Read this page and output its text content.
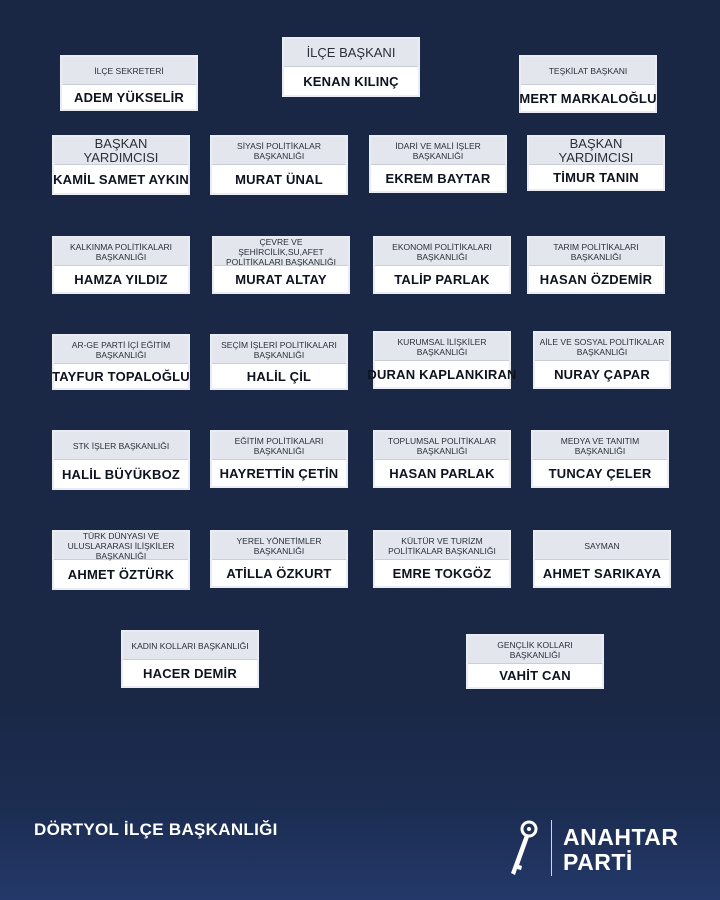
İLÇE BAŞKANI
KENAN KILINÇ
İLÇE SEKRETERİ
ADEM YÜKSELİR
TEŞKİLAT BAŞKANI
MERT MARKALOĞLU
BAŞKAN YARDIMCISI
KAMİL SAMET AYKIN
SİYASİ POLİTİKALAR BAŞKANLIĞI
MURAT ÜNAL
İDARİ VE MALİ İŞLER BAŞKANLIĞI
EKREM BAYTAR
BAŞKAN YARDIMCISI
TİMUR TANIN
KALKINMA POLİTİKALARI BAŞKANLIĞI
HAMZA YILDIZ
ÇEVRE VE ŞEHİRCİLİK,SU,AFET POLİTİKALARI BAŞKANLIĞI
MURAT ALTAY
EKONOMİ POLİTİKALARI BAŞKANLIĞI
TALİP PARLAK
TARIM POLİTİKALARI BAŞKANLIĞI
HASAN ÖZDEMİR
AR-GE PARTİ İÇİ EĞİTİM BAŞKANLIĞI
TAYFUR TOPALOĞLU
SEÇİM İŞLERİ POLİTİKALARI BAŞKANLIĞI
HALİL ÇİL
KURUMSAL İLİŞKİLER BAŞKANLIĞI
DURAN KAPLANKIRAN
AİLE VE SOSYAL POLİTİKALAR BAŞKANLIĞI
NURAY ÇAPAR
STK İŞLER BAŞKANLIĞI
HALİL BÜYÜKBOZ
EĞİTİM POLİTİKALARI BAŞKANLIĞI
HAYRETTİN ÇETİN
TOPLUMSAL POLİTİKALAR BAŞKANLIĞI
HASAN PARLAK
MEDYA VE TANITIM BAŞKANLIĞI
TUNCAY ÇELER
TÜRK DÜNYASI VE ULUSLARARASI İLİŞKİLER BAŞKANLIĞI
AHMET ÖZTÜRK
YEREL YÖNETİMLER BAŞKANLIĞI
ATİLLA ÖZKURT
KÜLTÜR VE TURİZM POLİTİKALAR BAŞKANLIĞI
EMRE TOKGÖZ
SAYMAN
AHMET SARIKAYA
KADIN KOLLARI BAŞKANLIĞI
HACER DEMİR
GENÇLİK KOLLARI BAŞKANLIĞI
VAHİT CAN
DÖRTYOL İLÇE BAŞKANLIĞI	ANAHTAR
PARTİ
